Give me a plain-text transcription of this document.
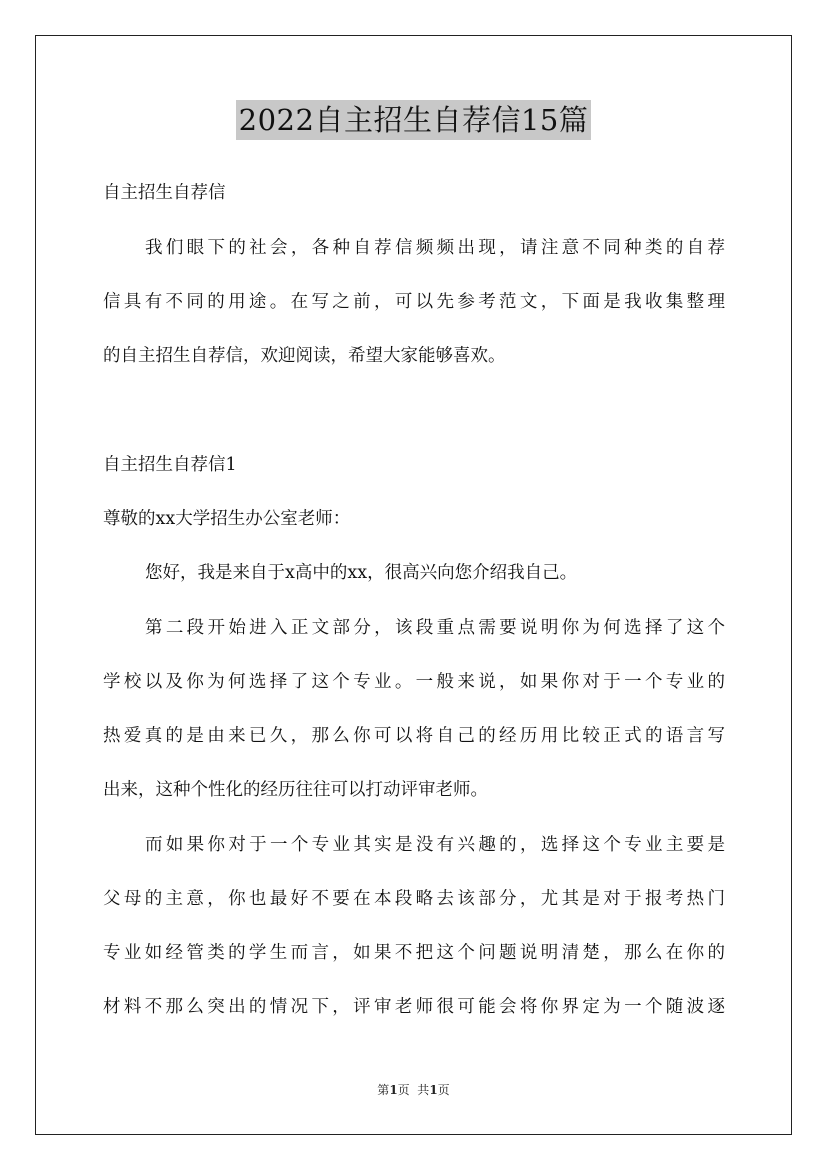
2022自主招生自荐信15篇
自主招生自荐信
我们眼下的社会，各种自荐信频频出现，请注意不同种类的自荐
信具有不同的用途。在写之前，可以先参考范文，下面是我收集整理
的自主招生自荐信，欢迎阅读，希望大家能够喜欢。
自主招生自荐信1
尊敬的xx大学招生办公室老师：
您好，我是来自于x高中的xx，很高兴向您介绍我自己。
第二段开始进入正文部分，该段重点需要说明你为何选择了这个
学校以及你为何选择了这个专业。一般来说，如果你对于一个专业的
热爱真的是由来已久，那么你可以将自己的经历用比较正式的语言写
出来，这种个性化的经历往往可以打动评审老师。
而如果你对于一个专业其实是没有兴趣的，选择这个专业主要是
父母的主意，你也最好不要在本段略去该部分，尤其是对于报考热门
专业如经管类的学生而言，如果不把这个问题说明清楚，那么在你的
材料不那么突出的情况下，评审老师很可能会将你界定为一个随波逐
第1页  共1页
